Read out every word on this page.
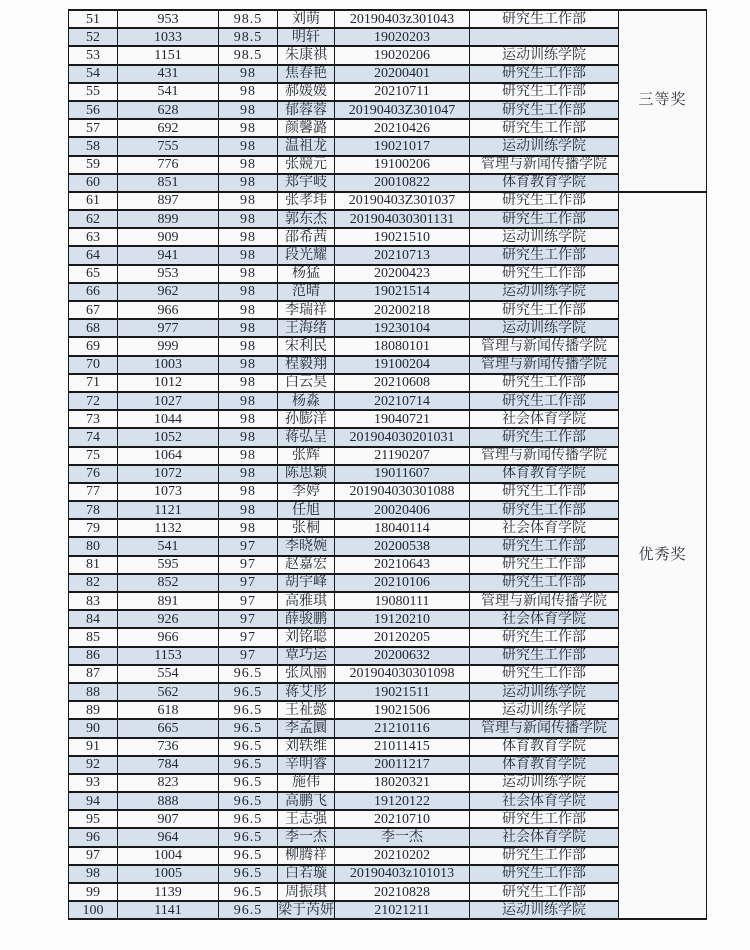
51	953	98.5	刘萌	20190403z301043	研究生工作部	三等奖
52	1033	98.5	明轩	19020203		
53	1151	98.5	朱康祺	19020206	运动训练学院	
54	431	98	焦春艳	20200401	研究生工作部	
55	541	98	郝媛媛	20210711	研究生工作部	
56	628	98	郁蓉蓉	20190403Z301047	研究生工作部	
57	692	98	颜馨潞	20210426	研究生工作部	
58	755	98	温祖龙	19021017	运动训练学院	
59	776	98	张競元	19100206	管理与新闻传播学院	
60	851	98	郑宇岐	20010822	体育教育学院	
61	897	98	张孝玮	20190403Z301037	研究生工作部	优秀奖
62	899	98	郭东杰	201904030301131	研究生工作部	
63	909	98	邵希茜	19021510	运动训练学院	
64	941	98	段光耀	20210713	研究生工作部	
65	953	98	杨猛	20200423	研究生工作部	
66	962	98	范晴	19021514	运动训练学院	
67	966	98	李瑞祥	20200218	研究生工作部	
68	977	98	王海绪	19230104	运动训练学院	
69	999	98	宋利民	18080101	管理与新闻传播学院	
70	1003	98	程毅翔	19100204	管理与新闻传播学院	
71	1012	98	白云昊	20210608	研究生工作部	
72	1027	98	杨淼	20210714	研究生工作部	
73	1044	98	孙膨洋	19040721	社会体育学院	
74	1052	98	蒋弘呈	201904030201031	研究生工作部	
75	1064	98	张辉	21190207	管理与新闻传播学院	
76	1072	98	陈思颖	19011607	体育教育学院	
77	1073	98	李婷	201904030301088	研究生工作部	
78	1121	98	任旭	20020406	研究生工作部	
79	1132	98	张桐	18040114	社会体育学院	
80	541	97	李晓婉	20200538	研究生工作部	
81	595	97	赵嘉宏	20210643	研究生工作部	
82	852	97	胡宇峰	20210106	研究生工作部	
83	891	97	高雅琪	19080111	管理与新闻传播学院	
84	926	97	薛骏鹏	19120210	社会体育学院	
85	966	97	刘铭聪	20120205	研究生工作部	
86	1153	97	覃巧运	20200632	研究生工作部	
87	554	96.5	张凤丽	201904030301098	研究生工作部	
88	562	96.5	蒋艾彤	19021511	运动训练学院	
89	618	96.5	王祉懿	19021506	运动训练学院	
90	665	96.5	李孟圜	21210116	管理与新闻传播学院	
91	736	96.5	刘轶维	21011415	体育教育学院	
92	784	96.5	辛明睿	20011217	体育教育学院	
93	823	96.5	施伟	18020321	运动训练学院	
94	888	96.5	高鹏飞	19120122	社会体育学院	
95	907	96.5	王志强	20210710	研究生工作部	
96	964	96.5	李一杰	李一杰	社会体育学院	
97	1004	96.5	柳腾祥	20210202	研究生工作部	
98	1005	96.5	白若璇	20190403z101013	研究生工作部	
99	1139	96.5	周振琪	20210828	研究生工作部	
100	1141	96.5	梁于芮妍	21021211	运动训练学院	
